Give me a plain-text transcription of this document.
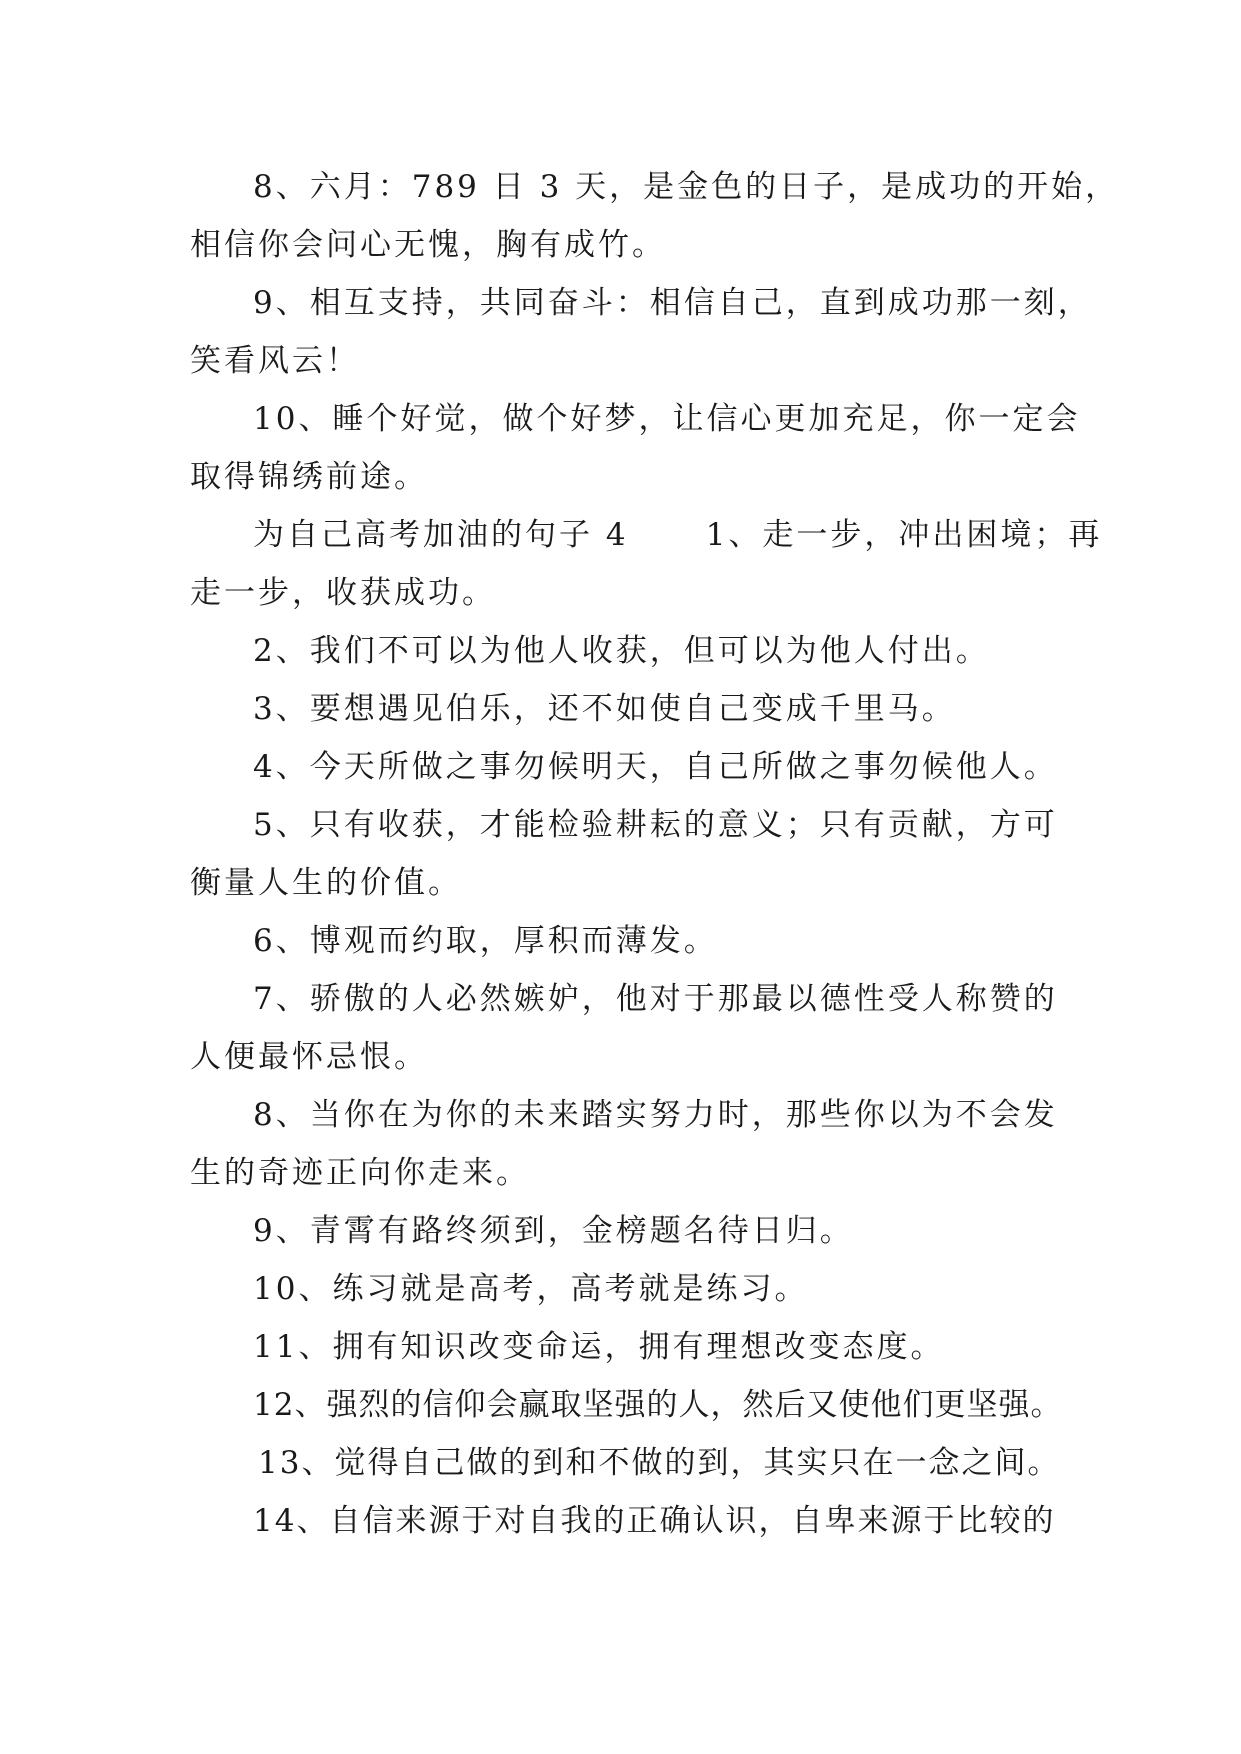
8、六月：789 日 3 天，是金色的日子，是成功的开始，
相信你会问心无愧，胸有成竹。
9、相互支持，共同奋斗：相信自己，直到成功那一刻，
笑看风云！
10、睡个好觉，做个好梦，让信心更加充足，你一定会
取得锦绣前途。
为自己高考加油的句子 4      1、走一步，冲出困境；再
走一步，收获成功。
2、我们不可以为他人收获，但可以为他人付出。
3、要想遇见伯乐，还不如使自己变成千里马。
4、今天所做之事勿候明天，自己所做之事勿候他人。
5、只有收获，才能检验耕耘的意义；只有贡献，方可
衡量人生的价值。
6、博观而约取，厚积而薄发。
7、骄傲的人必然嫉妒，他对于那最以德性受人称赞的
人便最怀忌恨。
8、当你在为你的未来踏实努力时，那些你以为不会发
生的奇迹正向你走来。
9、青霄有路终须到，金榜题名待日归。
10、练习就是高考，高考就是练习。
11、拥有知识改变命运，拥有理想改变态度。
12、强烈的信仰会赢取坚强的人，然后又使他们更坚强。
13、觉得自己做的到和不做的到，其实只在一念之间。
14、自信来源于对自我的正确认识，自卑来源于比较的
